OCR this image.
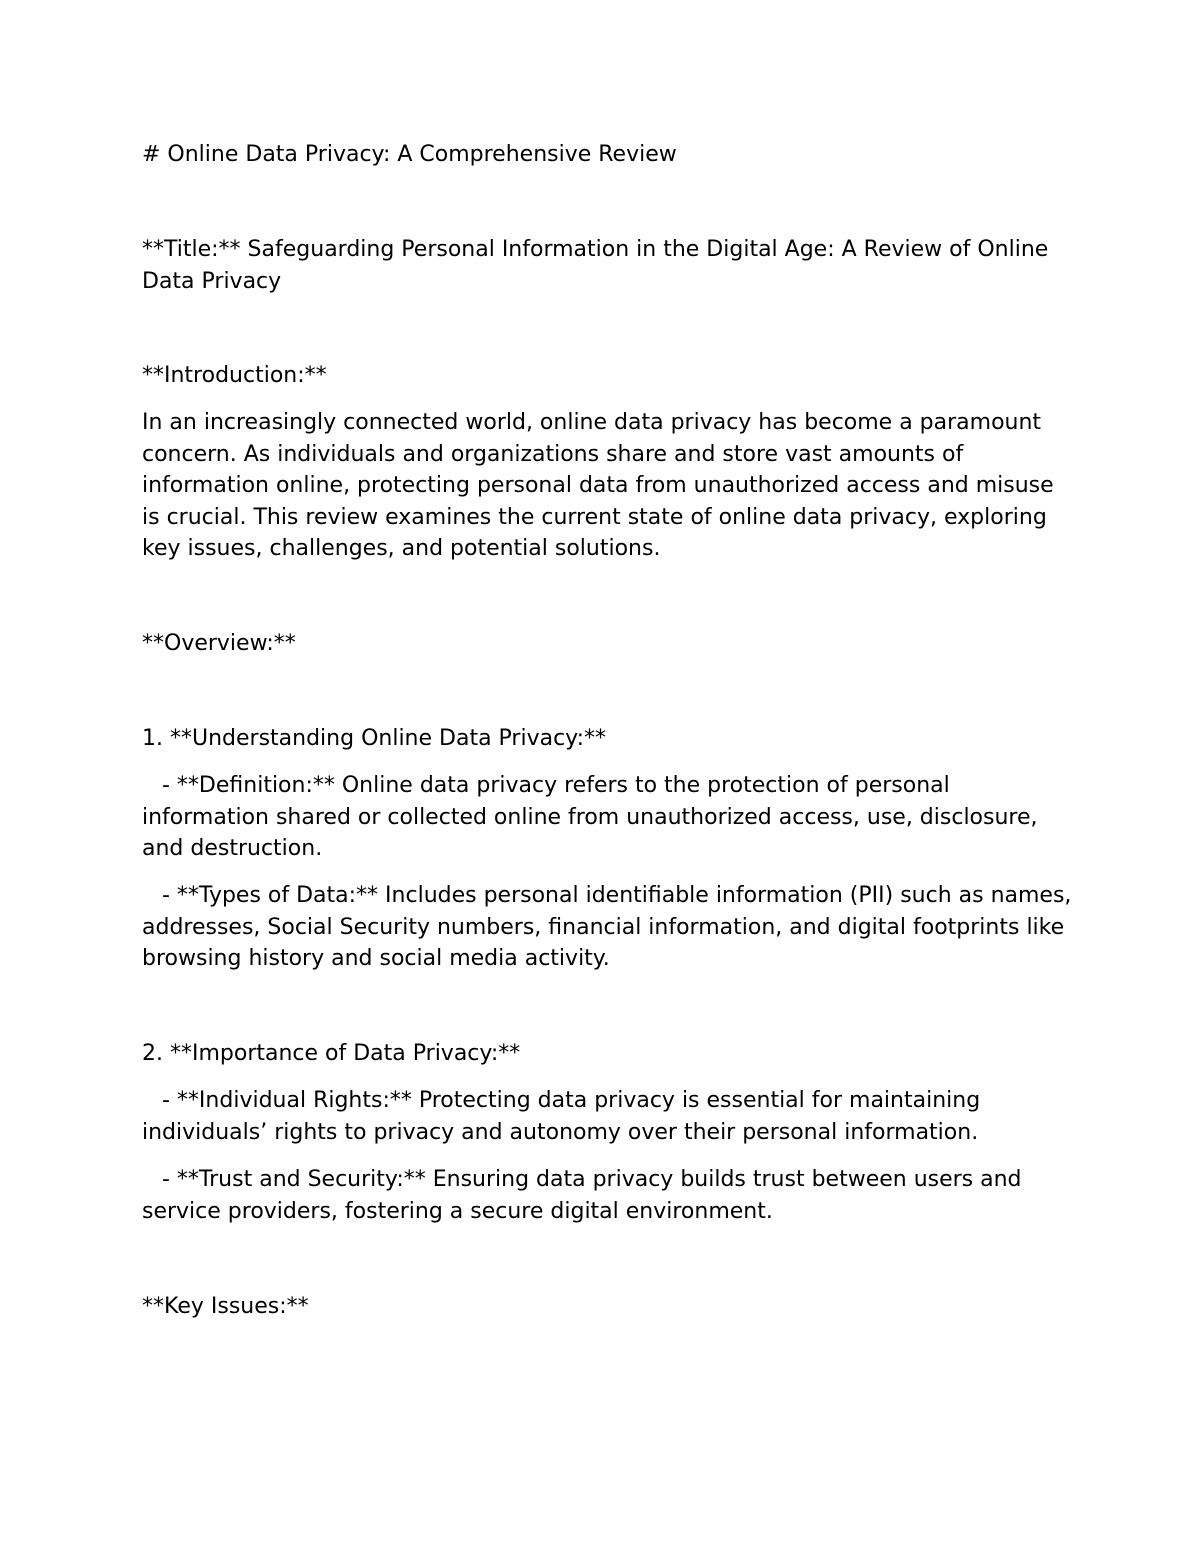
# Online Data Privacy: A Comprehensive Review

**Title:** Safeguarding Personal Information in the Digital Age: A Review of Online Data Privacy

**Introduction:**

In an increasingly connected world, online data privacy has become a paramount concern. As individuals and organizations share and store vast amounts of information online, protecting personal data from unauthorized access and misuse is crucial. This review examines the current state of online data privacy, exploring key issues, challenges, and potential solutions.

**Overview:**

1. **Understanding Online Data Privacy:**

- **Definition:** Online data privacy refers to the protection of personal information shared or collected online from unauthorized access, use, disclosure, and destruction.

- **Types of Data:** Includes personal identifiable information (PII) such as names, addresses, Social Security numbers, financial information, and digital footprints like browsing history and social media activity.

2. **Importance of Data Privacy:**

- **Individual Rights:** Protecting data privacy is essential for maintaining individuals’ rights to privacy and autonomy over their personal information.

- **Trust and Security:** Ensuring data privacy builds trust between users and service providers, fostering a secure digital environment.

**Key Issues:**
